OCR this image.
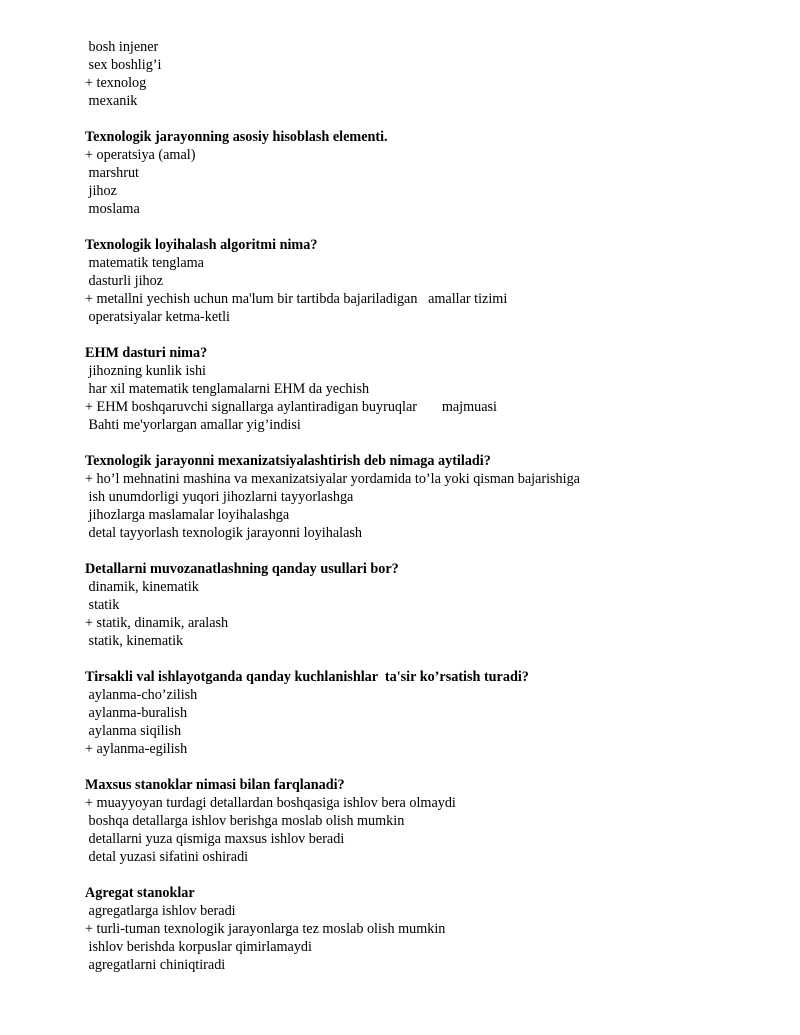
bosh injener
sex boshlig’i
+ texnolog
mexanik
Texnologik jarayonning asosiy hisoblash elementi.
+ operatsiya (amal)
marshrut
jihoz
moslama
Texnologik loyihalash algoritmi nima?
matematik tenglama
dasturli jihoz
+ metallni yechish uchun ma'lum bir tartibda bajariladigan   amallar tizimi
operatsiyalar ketma-ketli
EHM dasturi nima?
jihozning kunlik ishi
har xil matematik tenglamalarni EHM da yechish
+ EHM boshqaruvchi signallarga aylantiradigan buyruqlar       majmuasi
Bahti me'yorlargan amallar yig’indisi
Texnologik jarayonni mexanizatsiyalashtirish deb nimaga aytiladi?
+ ho’l mehnatini mashina va mexanizatsiyalar yordamida to’la yoki qisman bajarishiga
ish unumdorligi yuqori jihozlarni tayyorlashga
jihozlarga maslamalar loyihalashga
detal tayyorlash texnologik jarayonni loyihalash
Detallarni muvozanatlashning qanday usullari bor?
dinamik, kinematik
statik
+ statik, dinamik, aralash
statik, kinematik
Tirsakli val ishlayotganda qanday kuchlanishlar  ta'sir ko’rsatish turadi?
aylanma-cho’zilish
aylanma-buralish
aylanma siqilish
+ aylanma-egilish
Maxsus stanoklar nimasi bilan farqlanadi?
+ muayyoyan turdagi detallardan boshqasiga ishlov bera olmaydi
boshqa detallarga ishlov berishga moslab olish mumkin
detallarni yuza qismiga maxsus ishlov beradi
detal yuzasi sifatini oshiradi
Agregat stanoklar
agregatlarga ishlov beradi
+ turli-tuman texnologik jarayonlarga tez moslab olish mumkin
ishlov berishda korpuslar qimirlamaydi
agregatlarni chiniqtiradi
